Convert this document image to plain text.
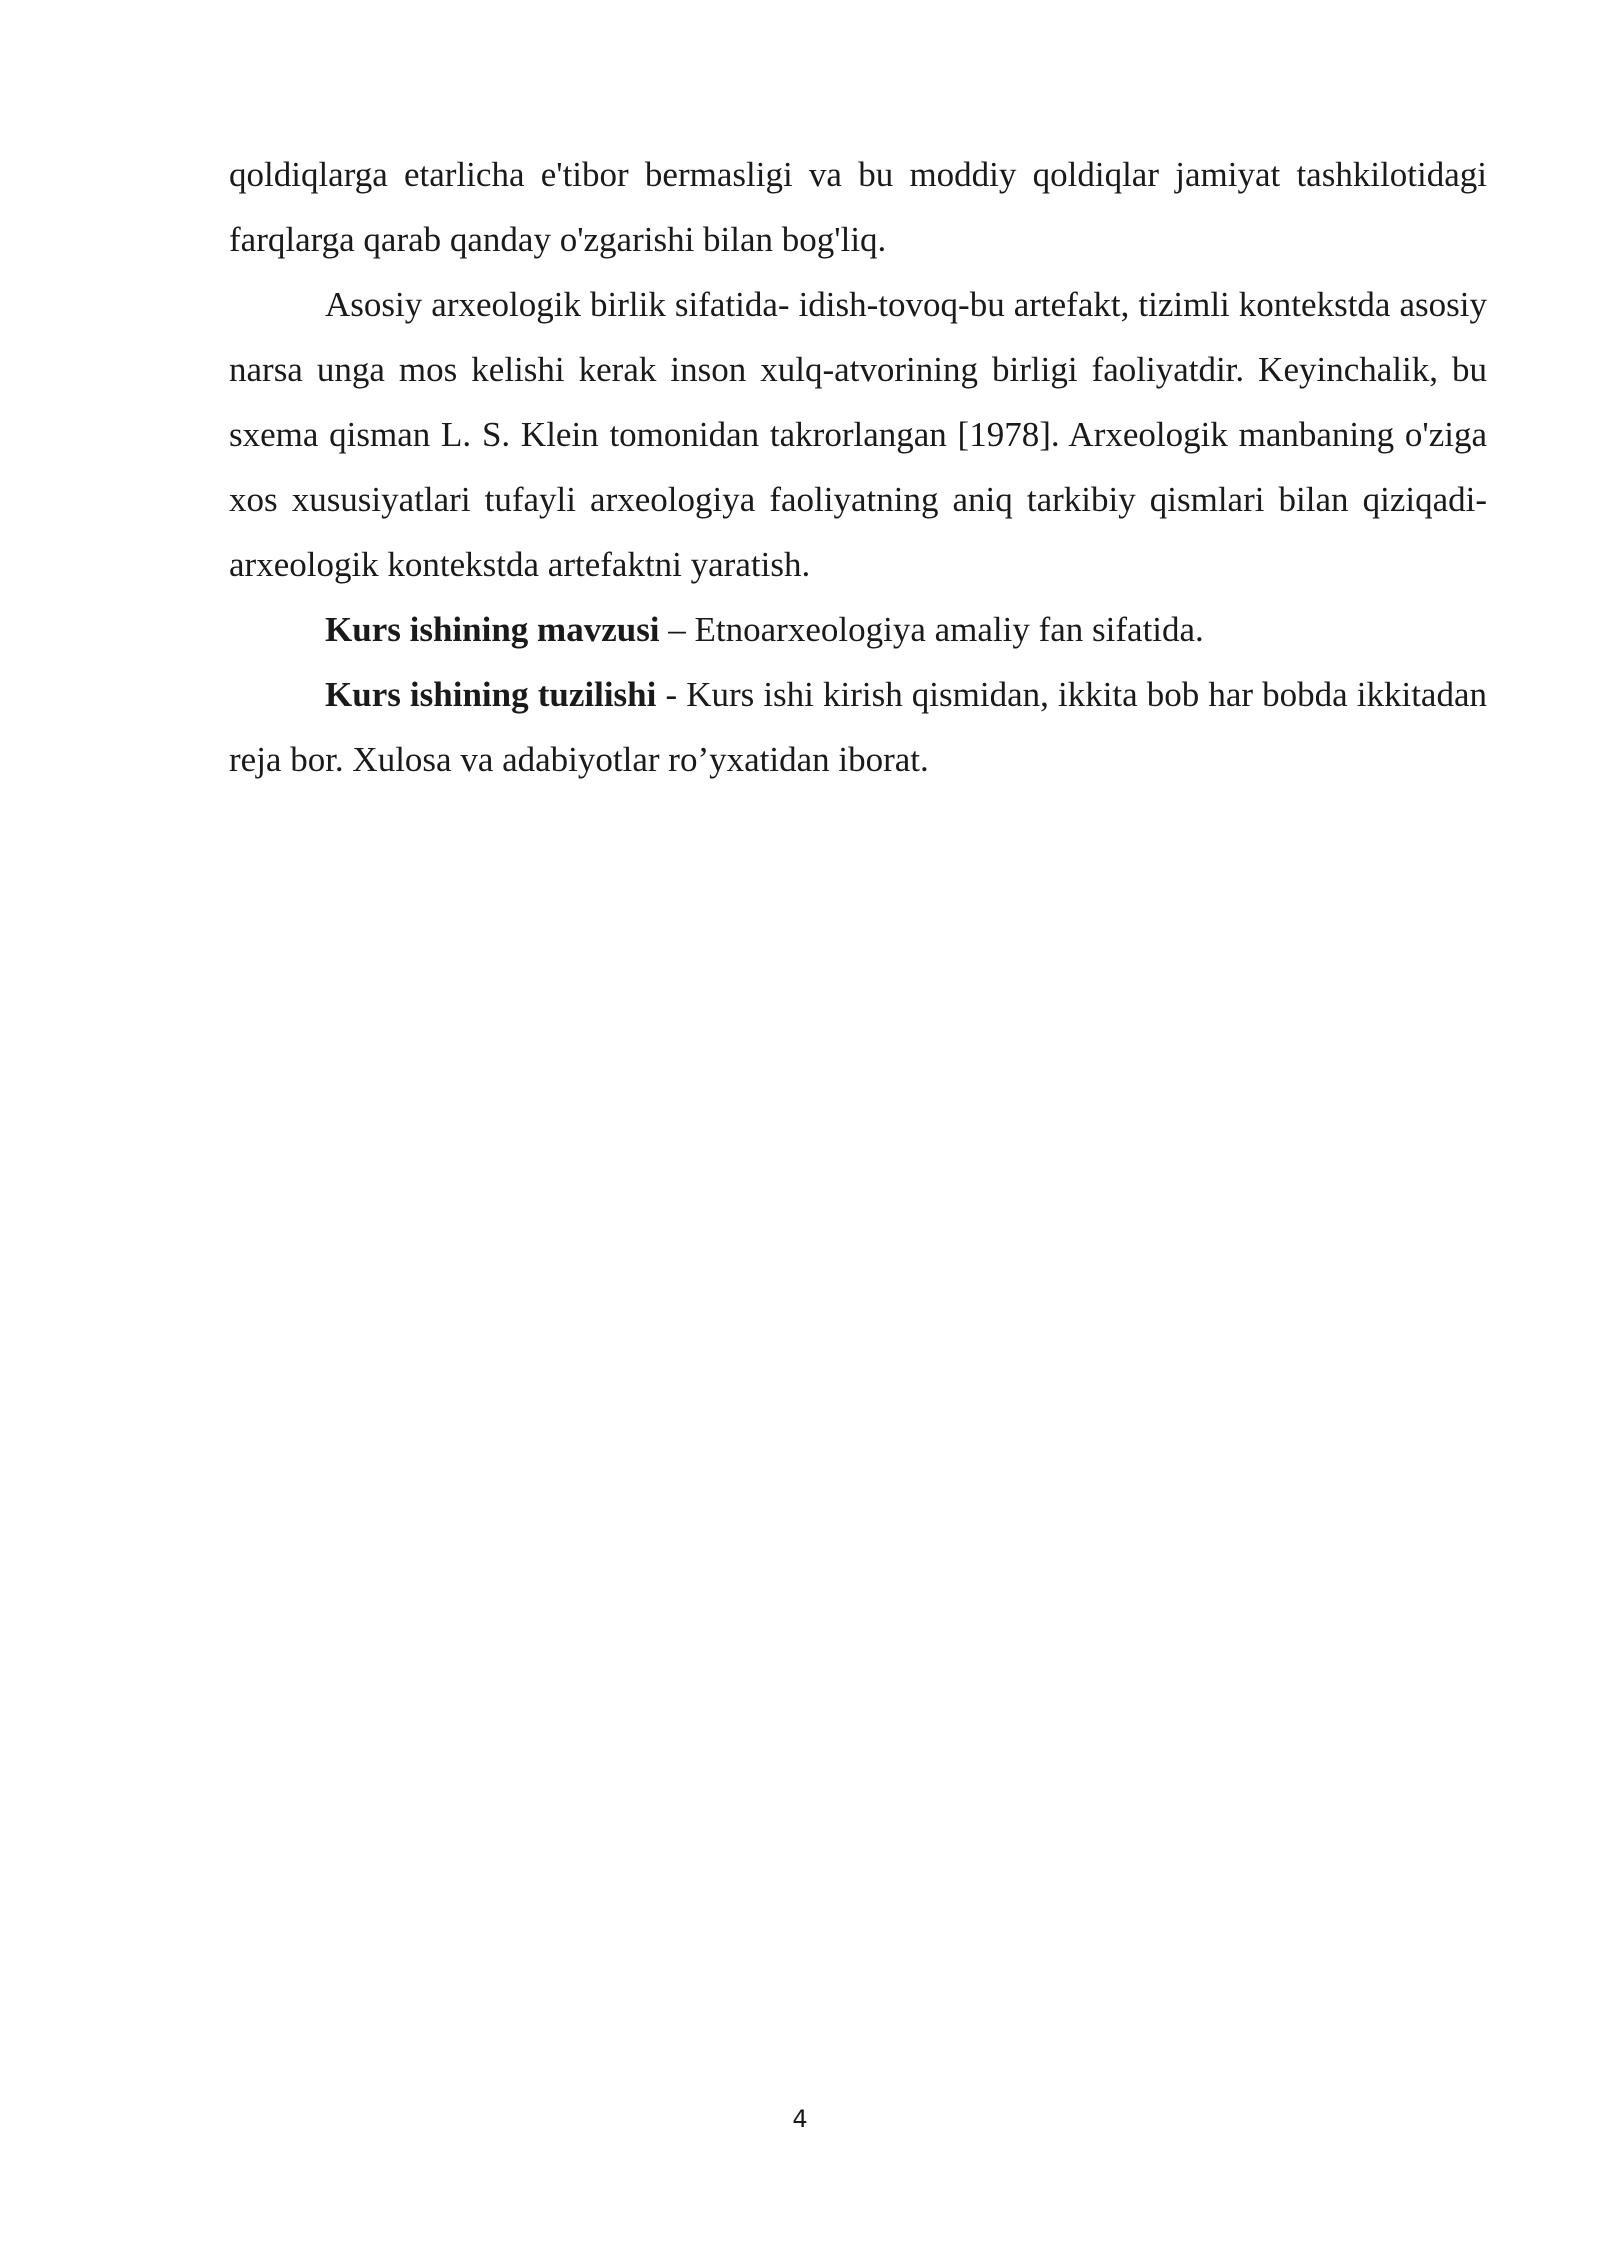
qoldiqlarga etarlicha e'tibor bermasligi va bu moddiy qoldiqlar jamiyat tashkilotidagi farqlarga qarab qanday o'zgarishi bilan bog'liq.

Asosiy arxeologik birlik sifatida- idish-tovoq-bu artefakt, tizimli kontekstda asosiy narsa unga mos kelishi kerak inson xulq-atvorining birligi faoliyatdir. Keyinchalik, bu sxema qisman L. S. Klein tomonidan takrorlangan [1978]. Arxeologik manbaning o'ziga xos xususiyatlari tufayli arxeologiya faoliyatning aniq tarkibiy qismlari bilan qiziqadi- arxeologik kontekstda artefaktni yaratish.

Kurs ishining mavzusi – Etnoarxeologiya amaliy fan sifatida.

Kurs ishining tuzilishi - Kurs ishi kirish qismidan, ikkita bob har bobda ikkitadan reja bor. Xulosa va adabiyotlar ro’yxatidan iborat.

4
